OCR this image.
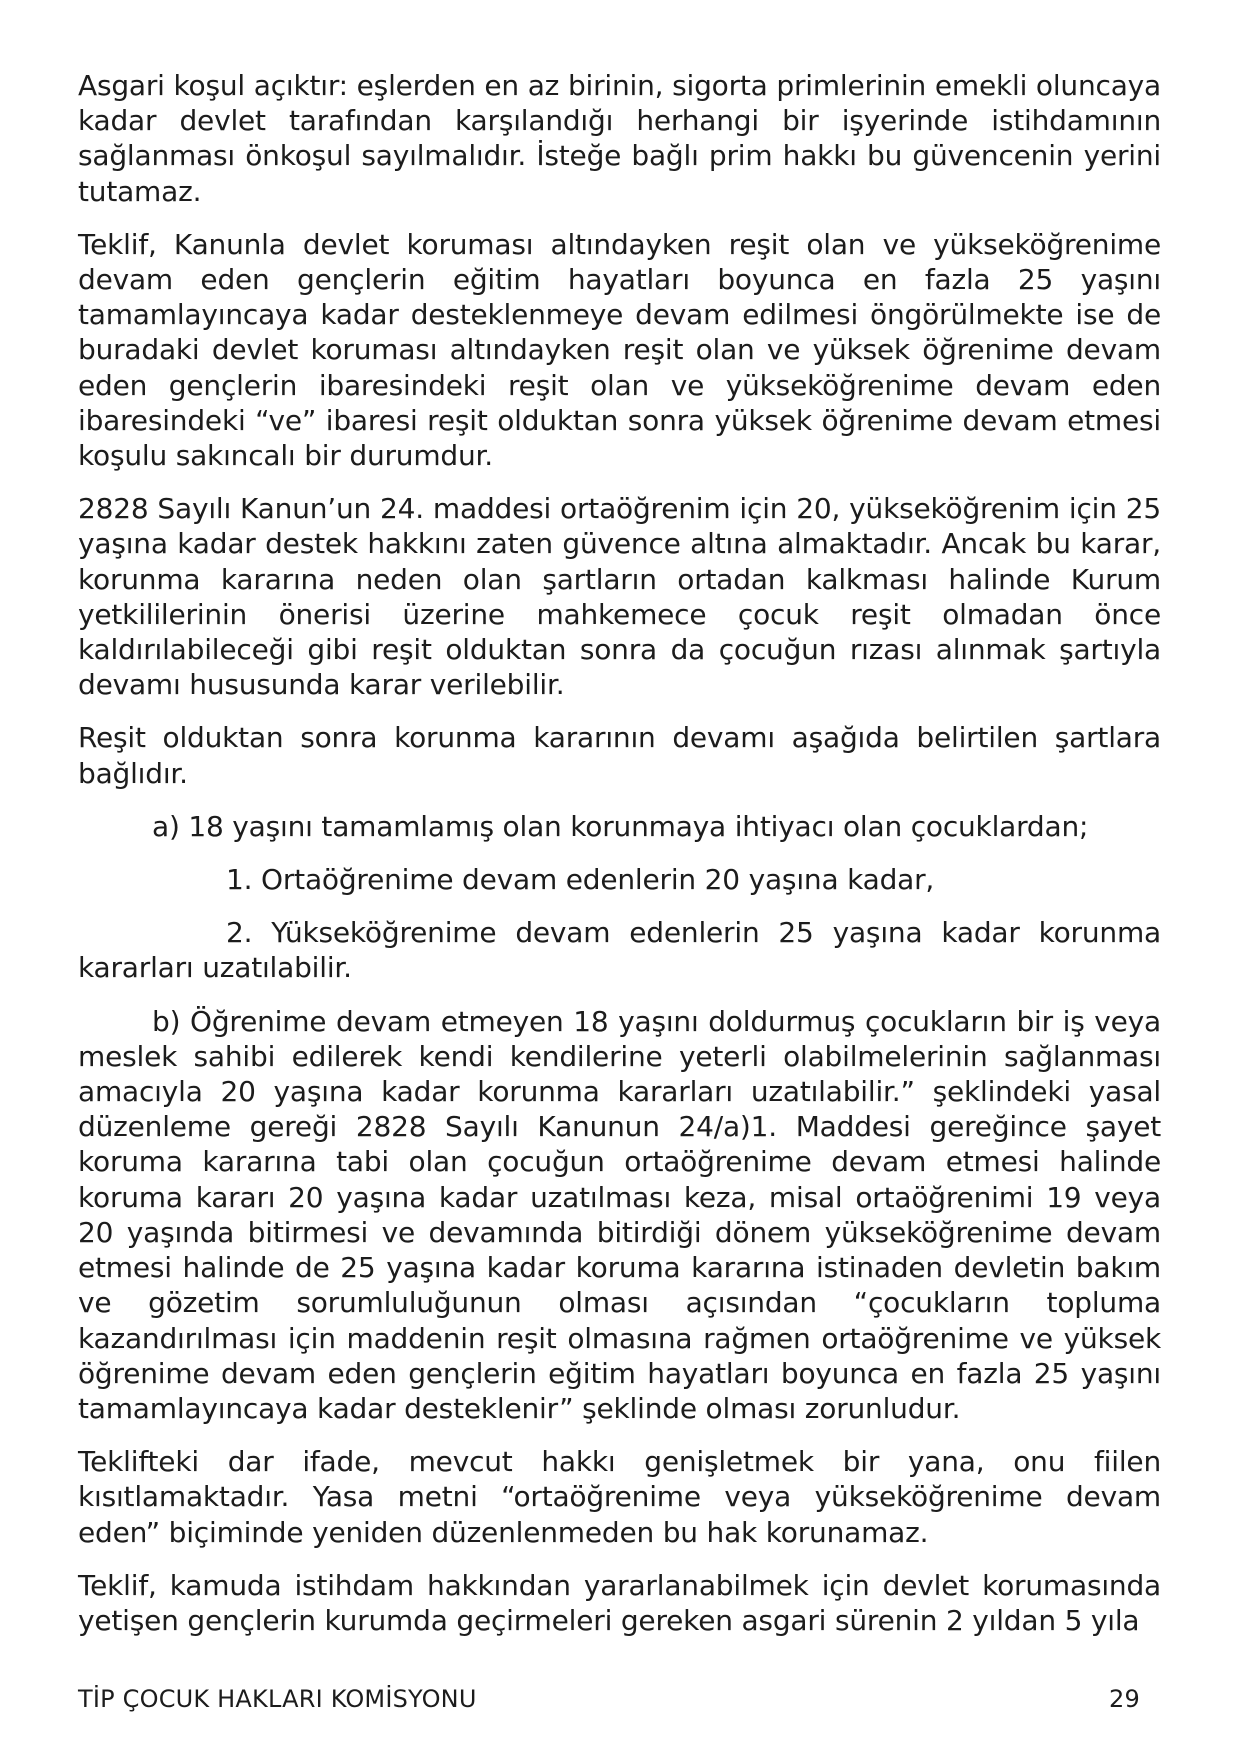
Asgari koşul açıktır: eşlerden en az birinin, sigorta primlerinin emekli oluncaya kadar devlet tarafından karşılandığı herhangi bir işyerinde istihdamının sağlanması önkoşul sayılmalıdır. İsteğe bağlı prim hakkı bu güvencenin yerini tutamaz.

Teklif, Kanunla devlet koruması altındayken reşit olan ve yükseköğrenime devam eden gençlerin eğitim hayatları boyunca en fazla 25 yaşını tamamlayıncaya kadar desteklenmeye devam edilmesi öngörülmekte ise de buradaki devlet koruması altındayken reşit olan ve yüksek öğrenime devam eden gençlerin ibaresindeki reşit olan ve yükseköğrenime devam eden ibaresindeki “ve” ibaresi reşit olduktan sonra yüksek öğrenime devam etmesi koşulu sakıncalı bir durumdur.

2828 Sayılı Kanun’un 24. maddesi ortaöğrenim için 20, yükseköğrenim için 25 yaşına kadar destek hakkını zaten güvence altına almaktadır. Ancak bu karar, korunma kararına neden olan şartların ortadan kalkması halinde Kurum yetkililerinin önerisi üzerine mahkemece çocuk reşit olmadan önce kaldırılabileceği gibi reşit olduktan sonra da çocuğun rızası alınmak şartıyla devamı hususunda karar verilebilir.

Reşit olduktan sonra korunma kararının devamı aşağıda belirtilen şartlara bağlıdır.

a) 18 yaşını tamamlamış olan korunmaya ihtiyacı olan çocuklardan;

1. Ortaöğrenime devam edenlerin 20 yaşına kadar,

2. Yükseköğrenime devam edenlerin 25 yaşına kadar korunma kararları uzatılabilir.

b) Öğrenime devam etmeyen 18 yaşını doldurmuş çocukların bir iş veya meslek sahibi edilerek kendi kendilerine yeterli olabilmelerinin sağlanması amacıyla 20 yaşına kadar korunma kararları uzatılabilir.” şeklindeki yasal düzenleme gereği 2828 Sayılı Kanunun 24/a)1. Maddesi gereğince şayet koruma kararına tabi olan çocuğun ortaöğrenime devam etmesi halinde koruma kararı 20 yaşına kadar uzatılması keza, misal ortaöğrenimi 19 veya 20 yaşında bitirmesi ve devamında bitirdiği dönem yükseköğrenime devam etmesi halinde de 25 yaşına kadar koruma kararına istinaden devletin bakım ve gözetim sorumluluğunun olması açısından “çocukların topluma kazandırılması için maddenin reşit olmasına rağmen ortaöğrenime ve yüksek öğrenime devam eden gençlerin eğitim hayatları boyunca en fazla 25 yaşını tamamlayıncaya kadar desteklenir” şeklinde olması zorunludur.

Teklifteki dar ifade, mevcut hakkı genişletmek bir yana, onu fiilen kısıtlamaktadır. Yasa metni “ortaöğrenime veya yükseköğrenime devam eden” biçiminde yeniden düzenlenmeden bu hak korunamaz.

Teklif, kamuda istihdam hakkından yararlanabilmek için devlet korumasında yetişen gençlerin kurumda geçirmeleri gereken asgari sürenin 2 yıldan 5 yıla

TİP ÇOCUK HAKLARI KOMİSYONU	29
